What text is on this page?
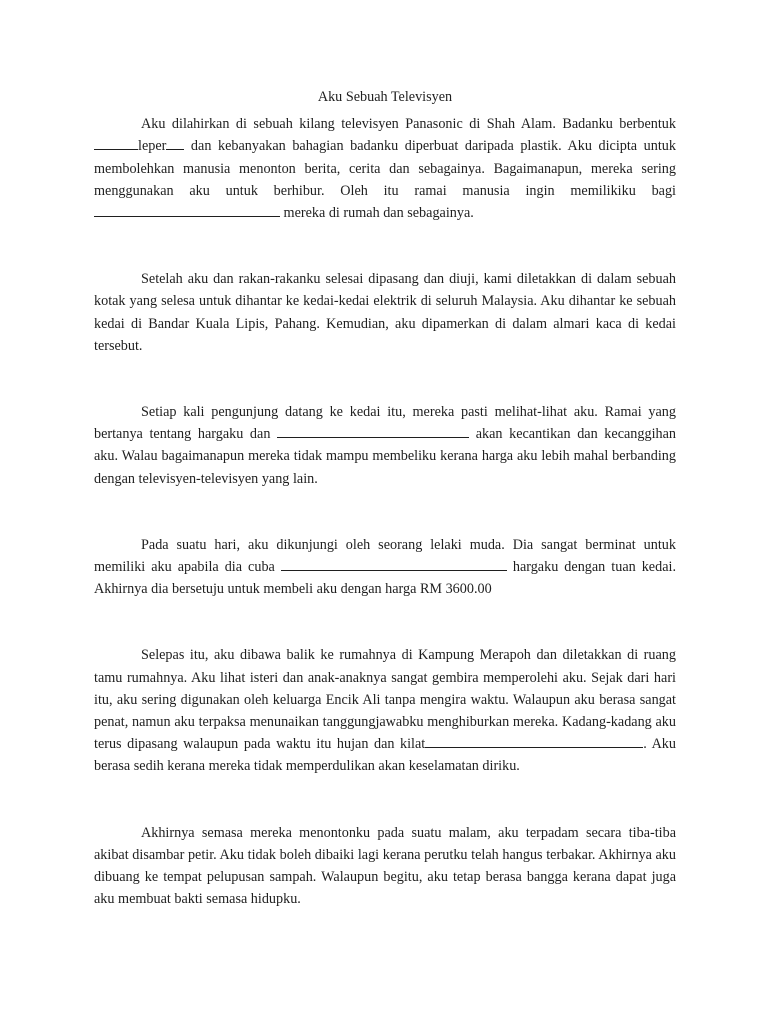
Aku Sebuah Televisyen

Aku dilahirkan di sebuah kilang televisyen Panasonic di Shah Alam. Badanku berbentuk leper dan kebanyakan bahagian badanku diperbuat daripada plastik. Aku dicipta untuk membolehkan manusia menonton berita, cerita dan sebagainya. Bagaimanapun, mereka sering menggunakan aku untuk berhibur. Oleh itu ramai manusia ingin memilikiku bagi  mereka di rumah dan sebagainya.

Setelah aku dan rakan-rakanku selesai dipasang dan diuji, kami diletakkan di dalam sebuah kotak yang selesa untuk dihantar ke kedai-kedai elektrik di seluruh Malaysia. Aku dihantar ke sebuah kedai di Bandar Kuala Lipis, Pahang. Kemudian, aku dipamerkan di dalam almari kaca di kedai tersebut.

Setiap kali pengunjung datang ke kedai itu, mereka pasti melihat-lihat aku. Ramai yang bertanya tentang hargaku dan	akan kecantikan dan kecanggihan aku. Walau bagaimanapun mereka tidak mampu membeliku kerana harga aku lebih mahal berbanding dengan televisyen-televisyen yang lain.

Pada suatu hari, aku dikunjungi oleh seorang lelaki muda. Dia sangat berminat untuk memiliki aku apabila dia cuba	hargaku dengan tuan kedai. Akhirnya dia bersetuju untuk membeli aku dengan harga RM 3600.00

Selepas itu, aku dibawa balik ke rumahnya di Kampung Merapoh dan diletakkan di ruang tamu rumahnya. Aku lihat isteri dan anak-anaknya sangat gembira memperolehi aku. Sejak dari hari itu, aku sering digunakan oleh keluarga Encik Ali tanpa mengira waktu. Walaupun aku berasa sangat penat, namun aku terpaksa menunaikan tanggungjawabku menghiburkan mereka. Kadang-kadang aku terus dipasang walaupun pada waktu itu hujan dan kilat	. Aku berasa sedih kerana mereka tidak memperdulikan akan keselamatan diriku.

Akhirnya semasa mereka menontonku pada suatu malam, aku terpadam secara tiba-tiba akibat disambar petir. Aku tidak boleh dibaiki lagi kerana perutku telah hangus terbakar. Akhirnya aku dibuang ke tempat pelupusan sampah. Walaupun begitu, aku tetap berasa bangga kerana dapat juga aku membuat bakti semasa hidupku.
